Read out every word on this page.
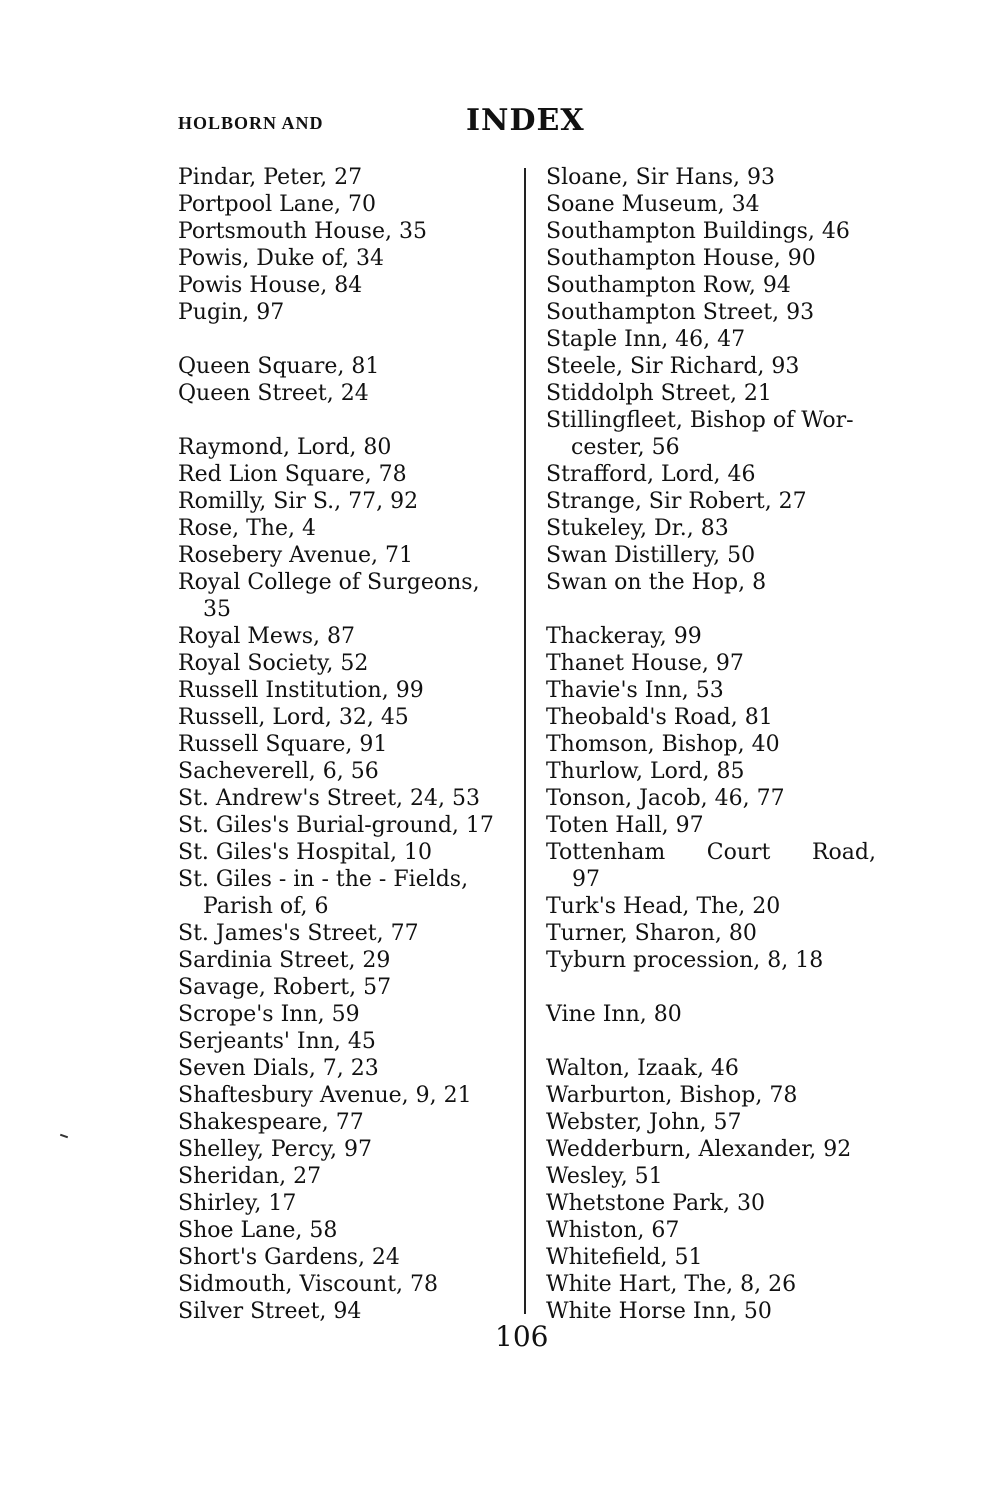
HOLBORN AND	INDEX
Pindar, Peter, 27
Portpool Lane, 70
Portsmouth House, 35
Powis, Duke of, 34
Powis House, 84
Pugin, 97
Queen Square, 81
Queen Street, 24
Raymond, Lord, 80
Red Lion Square, 78
Romilly, Sir S., 77, 92
Rose, The, 4
Rosebery Avenue, 71
Royal College of Surgeons,
35
Royal Mews, 87
Royal Society, 52
Russell Institution, 99
Russell, Lord, 32, 45
Russell Square, 91
Sacheverell, 6, 56
St. Andrew's Street, 24, 53
St. Giles's Burial-ground, 17
St. Giles's Hospital, 10
St. Giles - in - the - Fields,
Parish of, 6
St. James's Street, 77
Sardinia Street, 29
Savage, Robert, 57
Scrope's Inn, 59
Serjeants' Inn, 45
Seven Dials, 7, 23
Shaftesbury Avenue, 9, 21
Shakespeare, 77
Shelley, Percy, 97
Sheridan, 27
Shirley, 17
Shoe Lane, 58
Short's Gardens, 24
Sidmouth, Viscount, 78
Silver Street, 94
Sloane, Sir Hans, 93
Soane Museum, 34
Southampton Buildings, 46
Southampton House, 90
Southampton Row, 94
Southampton Street, 93
Staple Inn, 46, 47
Steele, Sir Richard, 93
Stiddolph Street, 21
Stillingfleet, Bishop of Wor-
cester, 56
Strafford, Lord, 46
Strange, Sir Robert, 27
Stukeley, Dr., 83
Swan Distillery, 50
Swan on the Hop, 8
Thackeray, 99
Thanet House, 97
Thavie's Inn, 53
Theobald's Road, 81
Thomson, Bishop, 40
Thurlow, Lord, 85
Tonson, Jacob, 46, 77
Toten Hall, 97
Tottenham Court Road,
97
Turk's Head, The, 20
Turner, Sharon, 80
Tyburn procession, 8, 18
Vine Inn, 80
Walton, Izaak, 46
Warburton, Bishop, 78
Webster, John, 57
Wedderburn, Alexander, 92
Wesley, 51
Whetstone Park, 30
Whiston, 67
Whitefield, 51
White Hart, The, 8, 26
White Horse Inn, 50
106
